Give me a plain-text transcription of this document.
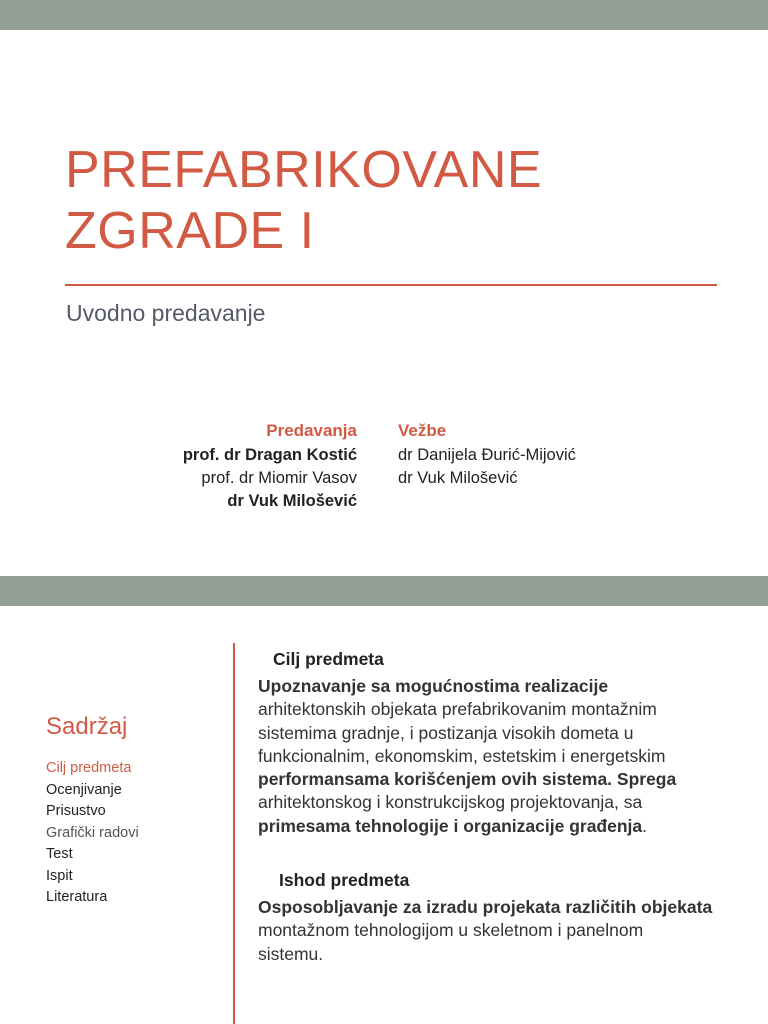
PREFABRIKOVANE
ZGRADE I
Uvodno predavanje
Predavanja
prof. dr Dragan Kostić
prof. dr Miomir Vasov
dr Vuk Milošević
Vežbe
dr Danijela Đurić-Mijović
dr Vuk Milošević
Sadržaj
Cilj predmeta
Ocenjivanje
Prisustvo
Grafički radovi
Test
Ispit
Literatura
Cilj predmeta
Upoznavanje sa mogućnostima realizacije
arhitektonskih objekata prefabrikovanim montažnim
sistemima gradnje, i postizanja visokih dometa u
funkcionalnim, ekonomskim, estetskim i energetskim
performansama korišćenjem ovih sistema. Sprega
arhitektonskog i konstrukcijskog projektovanja, sa
primesama tehnologije i organizacije građenja.
Ishod predmeta
Osposobljavanje za izradu projekata različitih objekata
montažnom tehnologijom u skeletnom i panelnom
sistemu.
